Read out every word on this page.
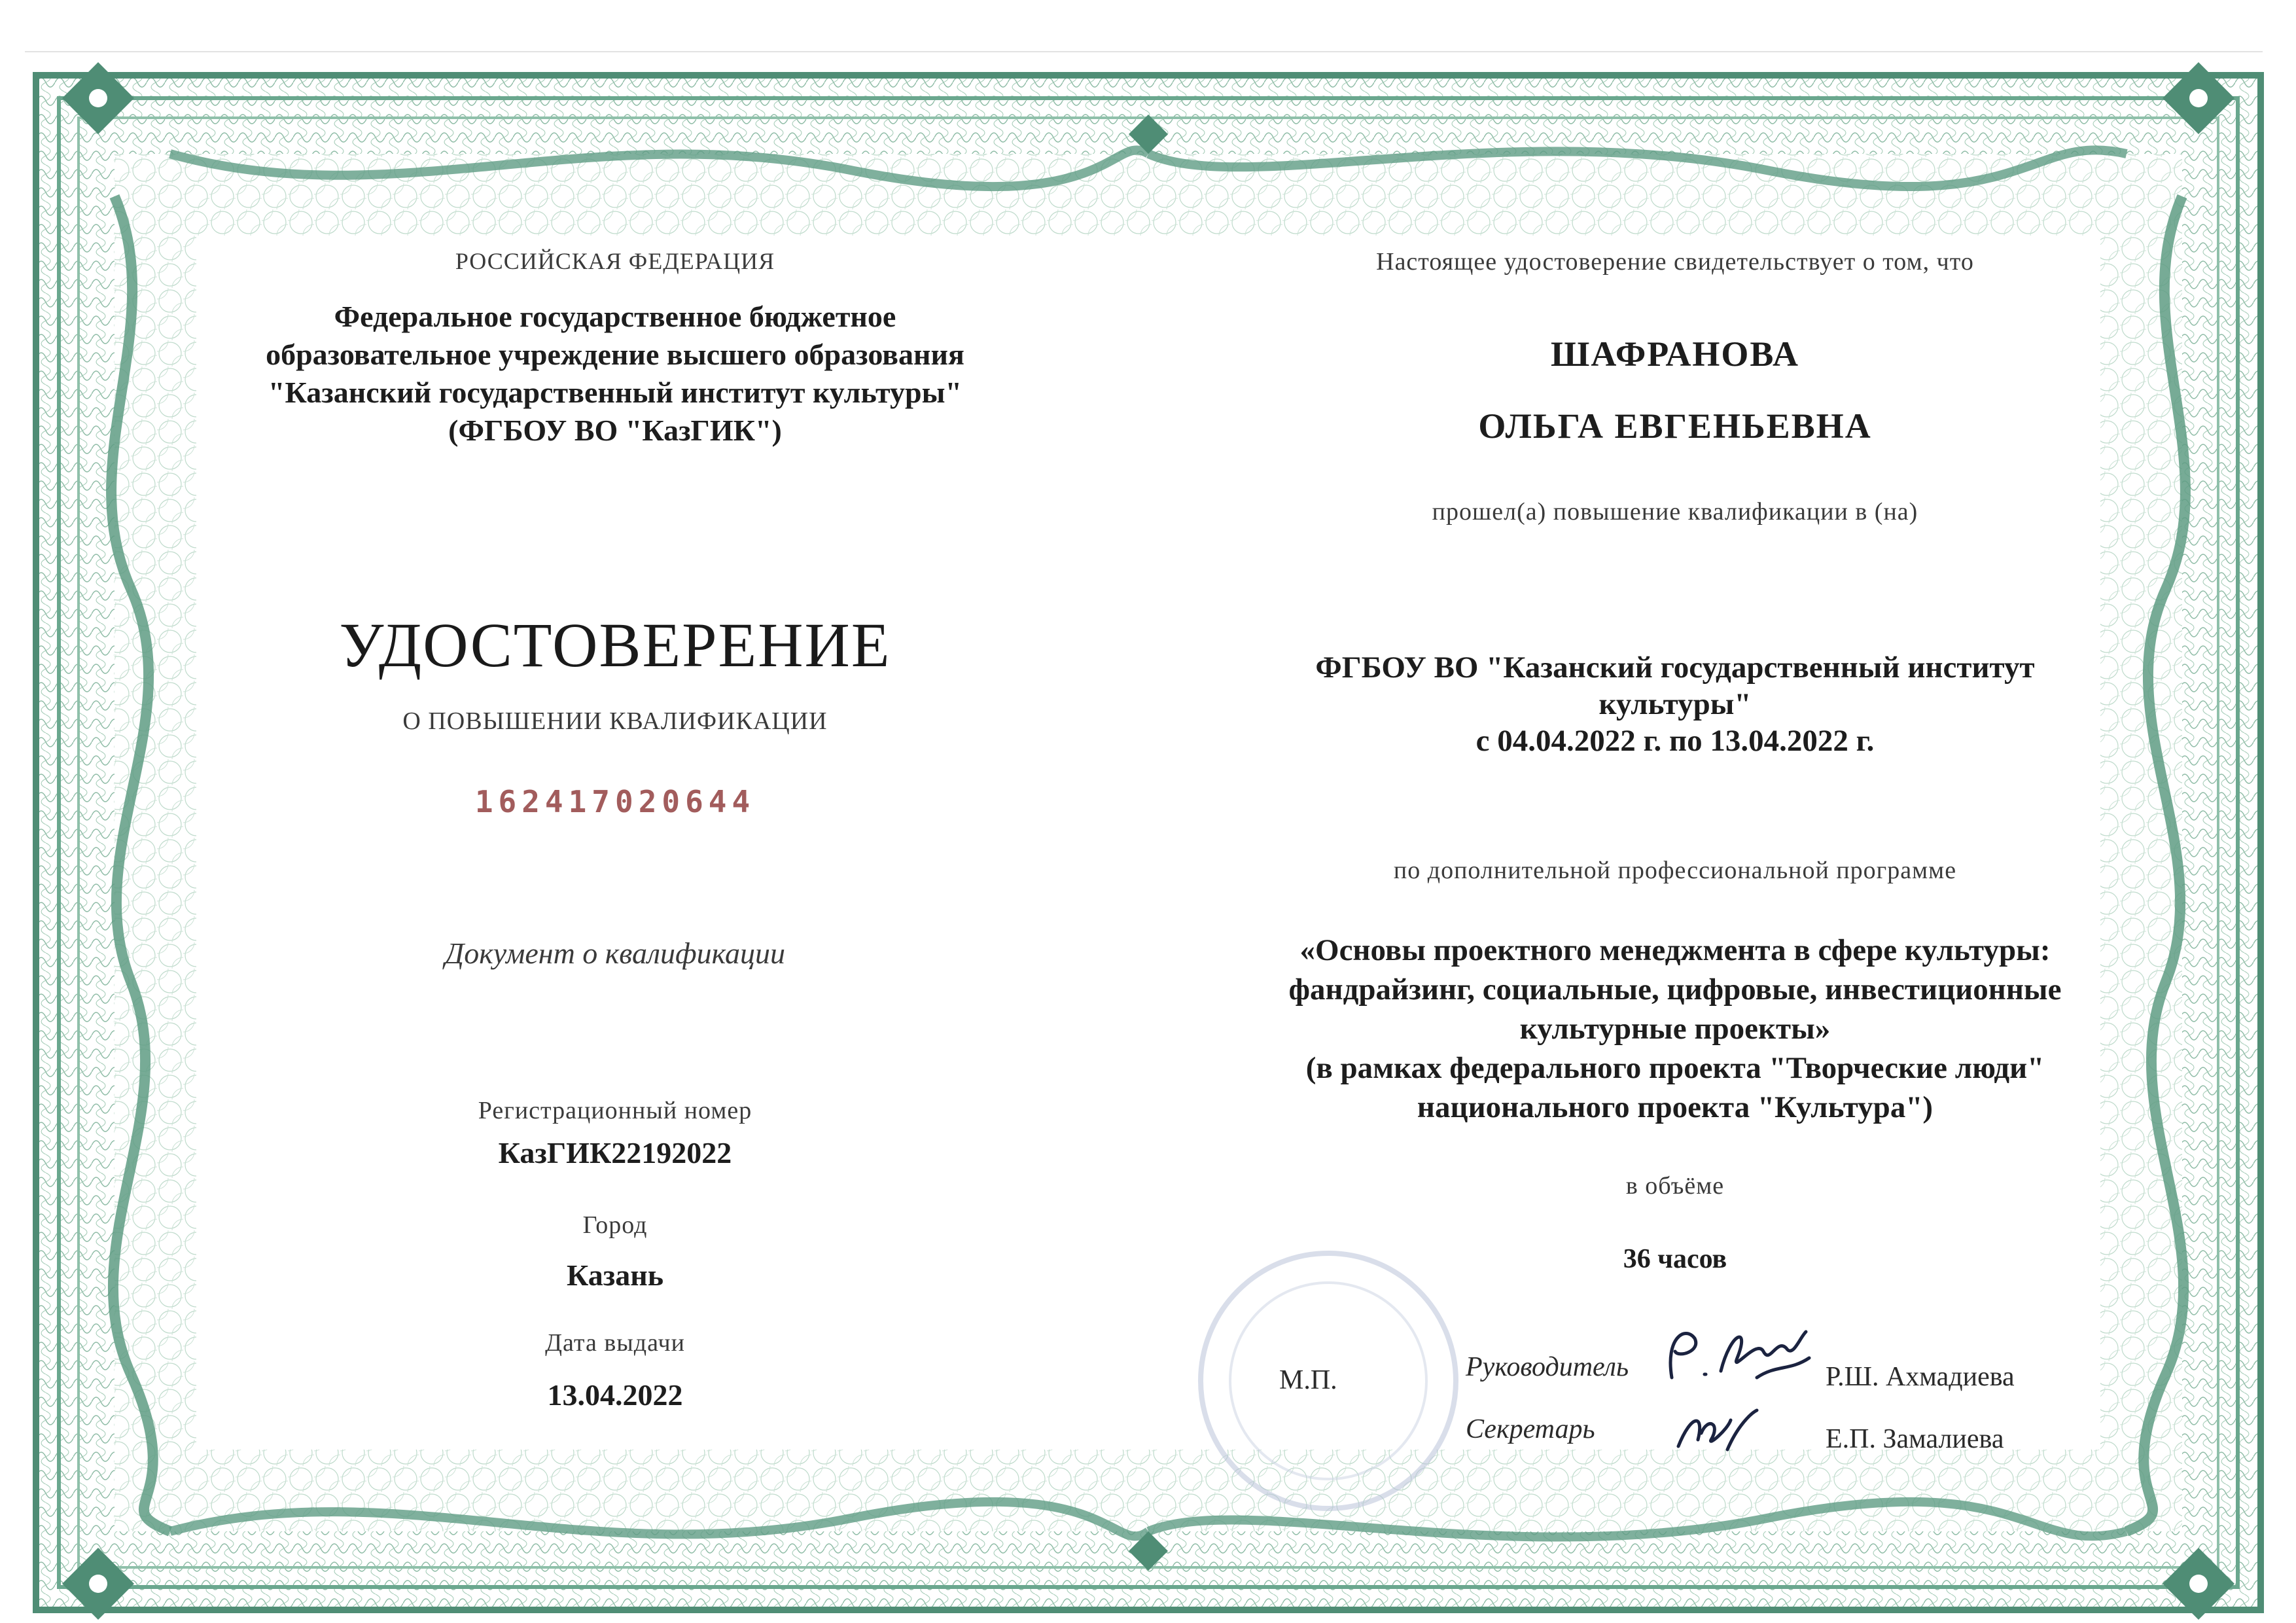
РОССИЙСКАЯ ФЕДЕРАЦИЯ
Федеральное государственное бюджетное
образовательное учреждение высшего образования
"Казанский государственный институт культуры"
(ФГБОУ ВО "КазГИК")
УДОСТОВЕРЕНИЕ
О ПОВЫШЕНИИ КВАЛИФИКАЦИИ
162417020644
Документ о квалификации
Регистрационный номер
КазГИК22192022
Город
Казань
Дата выдачи
13.04.2022
Настоящее удостоверение свидетельствует о том, что
ШАФРАНОВА
ОЛЬГА ЕВГЕНЬЕВНА
прошел(а) повышение квалификации в (на)
ФГБОУ ВО "Казанский государственный институт
культуры"
с 04.04.2022 г. по 13.04.2022 г.
по дополнительной профессиональной программе
«Основы проектного менеджмента в сфере культуры:
фандрайзинг, социальные, цифровые, инвестиционные
культурные проекты»
(в рамках федерального проекта "Творческие люди"
национального проекта "Культура")
в объёме
36 часов
М.П.	Руководитель	Р.Ш. Ахмадиева
Секретарь	Е.П. Замалиева
